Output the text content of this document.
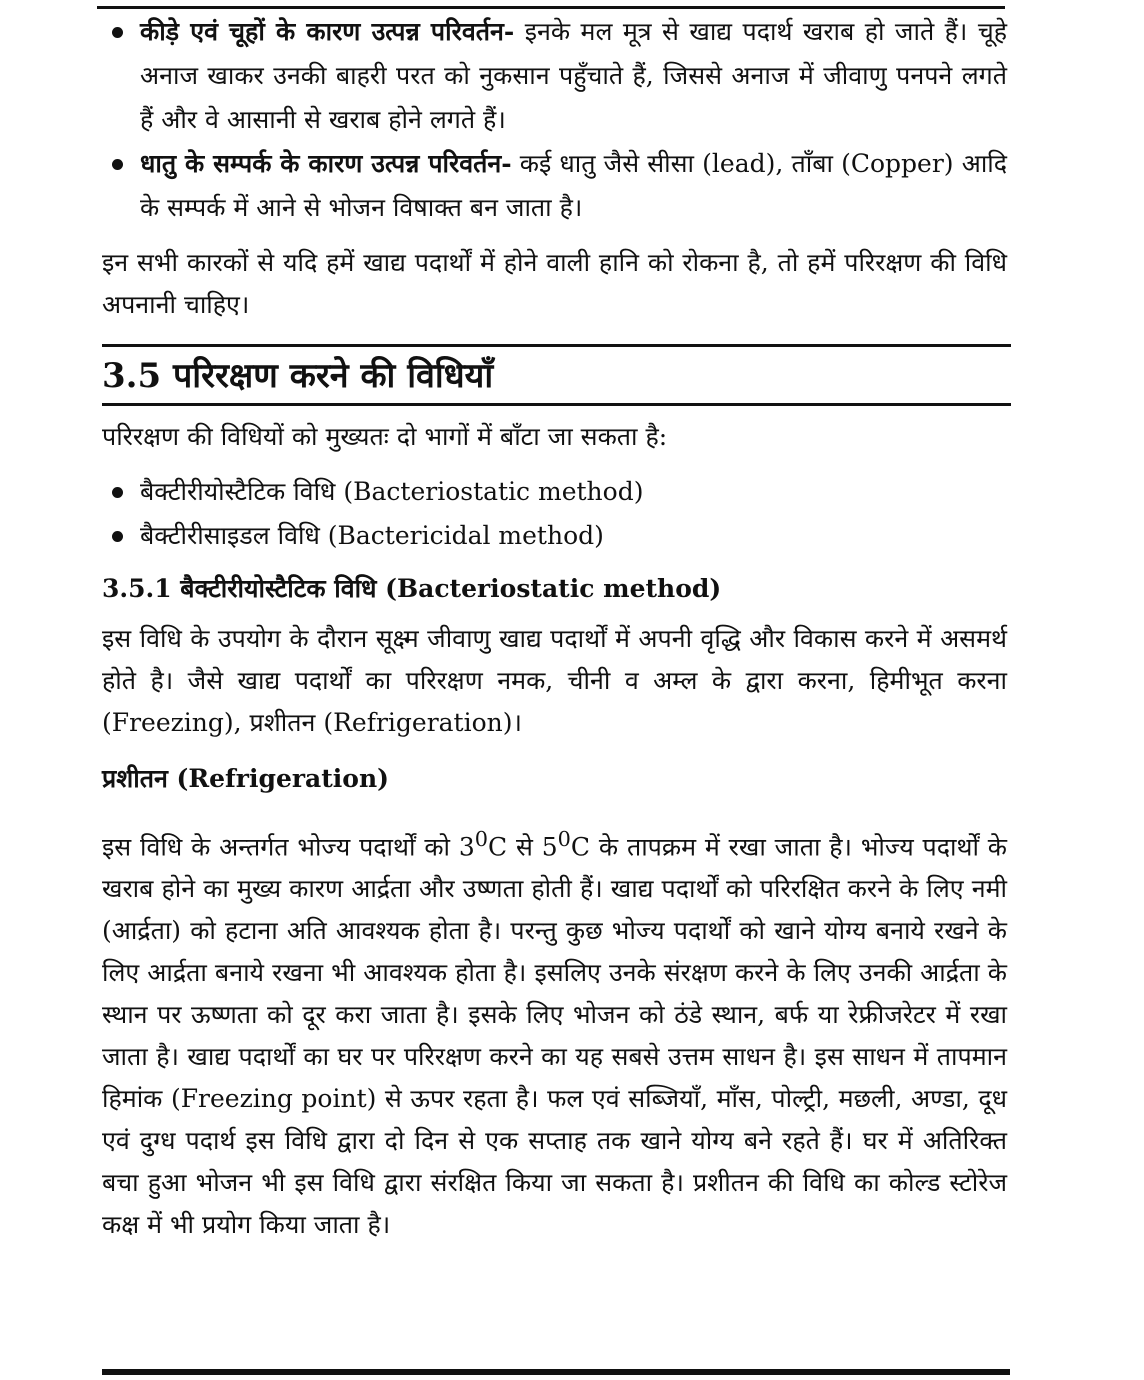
कीड़े एवं चूहों के कारण उत्पन्न परिवर्तन- इनके मल मूत्र से खाद्य पदार्थ खराब हो जाते हैं। चूहे अनाज खाकर उनकी बाहरी परत को नुकसान पहुँचाते हैं, जिससे अनाज में जीवाणु पनपने लगते हैं और वे आसानी से खराब होने लगते हैं।
धातु के सम्पर्क के कारण उत्पन्न परिवर्तन- कई धातु जैसे सीसा (lead), ताँबा (Copper) आदि के सम्पर्क में आने से भोजन विषाक्त बन जाता है।

इन सभी कारकों से यदि हमें खाद्य पदार्थों में होने वाली हानि को रोकना है, तो हमें परिरक्षण की विधि अपनानी चाहिए।

3.5 परिरक्षण करने की विधियाँ

परिरक्षण की विधियों को मुख्यतः दो भागों में बाँटा जा सकता है:

बैक्टीरीयोस्टैटिक विधि (Bacteriostatic method)
बैक्टीरीसाइडल विधि (Bactericidal method)
3.5.1 बैक्टीरीयोस्टैटिक विधि (Bacteriostatic method)

इस विधि के उपयोग के दौरान सूक्ष्म जीवाणु खाद्य पदार्थों में अपनी वृद्धि और विकास करने में असमर्थ होते है। जैसे खाद्य पदार्थों का परिरक्षण नमक, चीनी व अम्ल के द्वारा करना, हिमीभूत करना (Freezing), प्रशीतन (Refrigeration)।

प्रशीतन (Refrigeration)

इस विधि के अन्तर्गत भोज्य पदार्थों को $3^0C$ से $5^0C$ के तापक्रम में रखा जाता है। भोज्य पदार्थों के खराब होने का मुख्य कारण आर्द्रता और उष्णता होती हैं। खाद्य पदार्थों को परिरक्षित करने के लिए नमी (आर्द्रता) को हटाना अति आवश्यक होता है। परन्तु कुछ भोज्य पदार्थों को खाने योग्य बनाये रखने के लिए आर्द्रता बनाये रखना भी आवश्यक होता है। इसलिए उनके संरक्षण करने के लिए उनकी आर्द्रता के स्थान पर ऊष्णता को दूर करा जाता है। इसके लिए भोजन को ठंडे स्थान, बर्फ या रेफ्रीजरेटर में रखा जाता है। खाद्य पदार्थों का घर पर परिरक्षण करने का यह सबसे उत्तम साधन है। इस साधन में तापमान हिमांक (Freezing point) से ऊपर रहता है। फल एवं सब्जियाँ, माँस, पोल्ट्री, मछली, अण्डा, दूध एवं दुग्ध पदार्थ इस विधि द्वारा दो दिन से एक सप्ताह तक खाने योग्य बने रहते हैं। घर में अतिरिक्त बचा हुआ भोजन भी इस विधि द्वारा संरक्षित किया जा सकता है। प्रशीतन की विधि का कोल्ड स्टोरेज कक्ष में भी प्रयोग किया जाता है।
